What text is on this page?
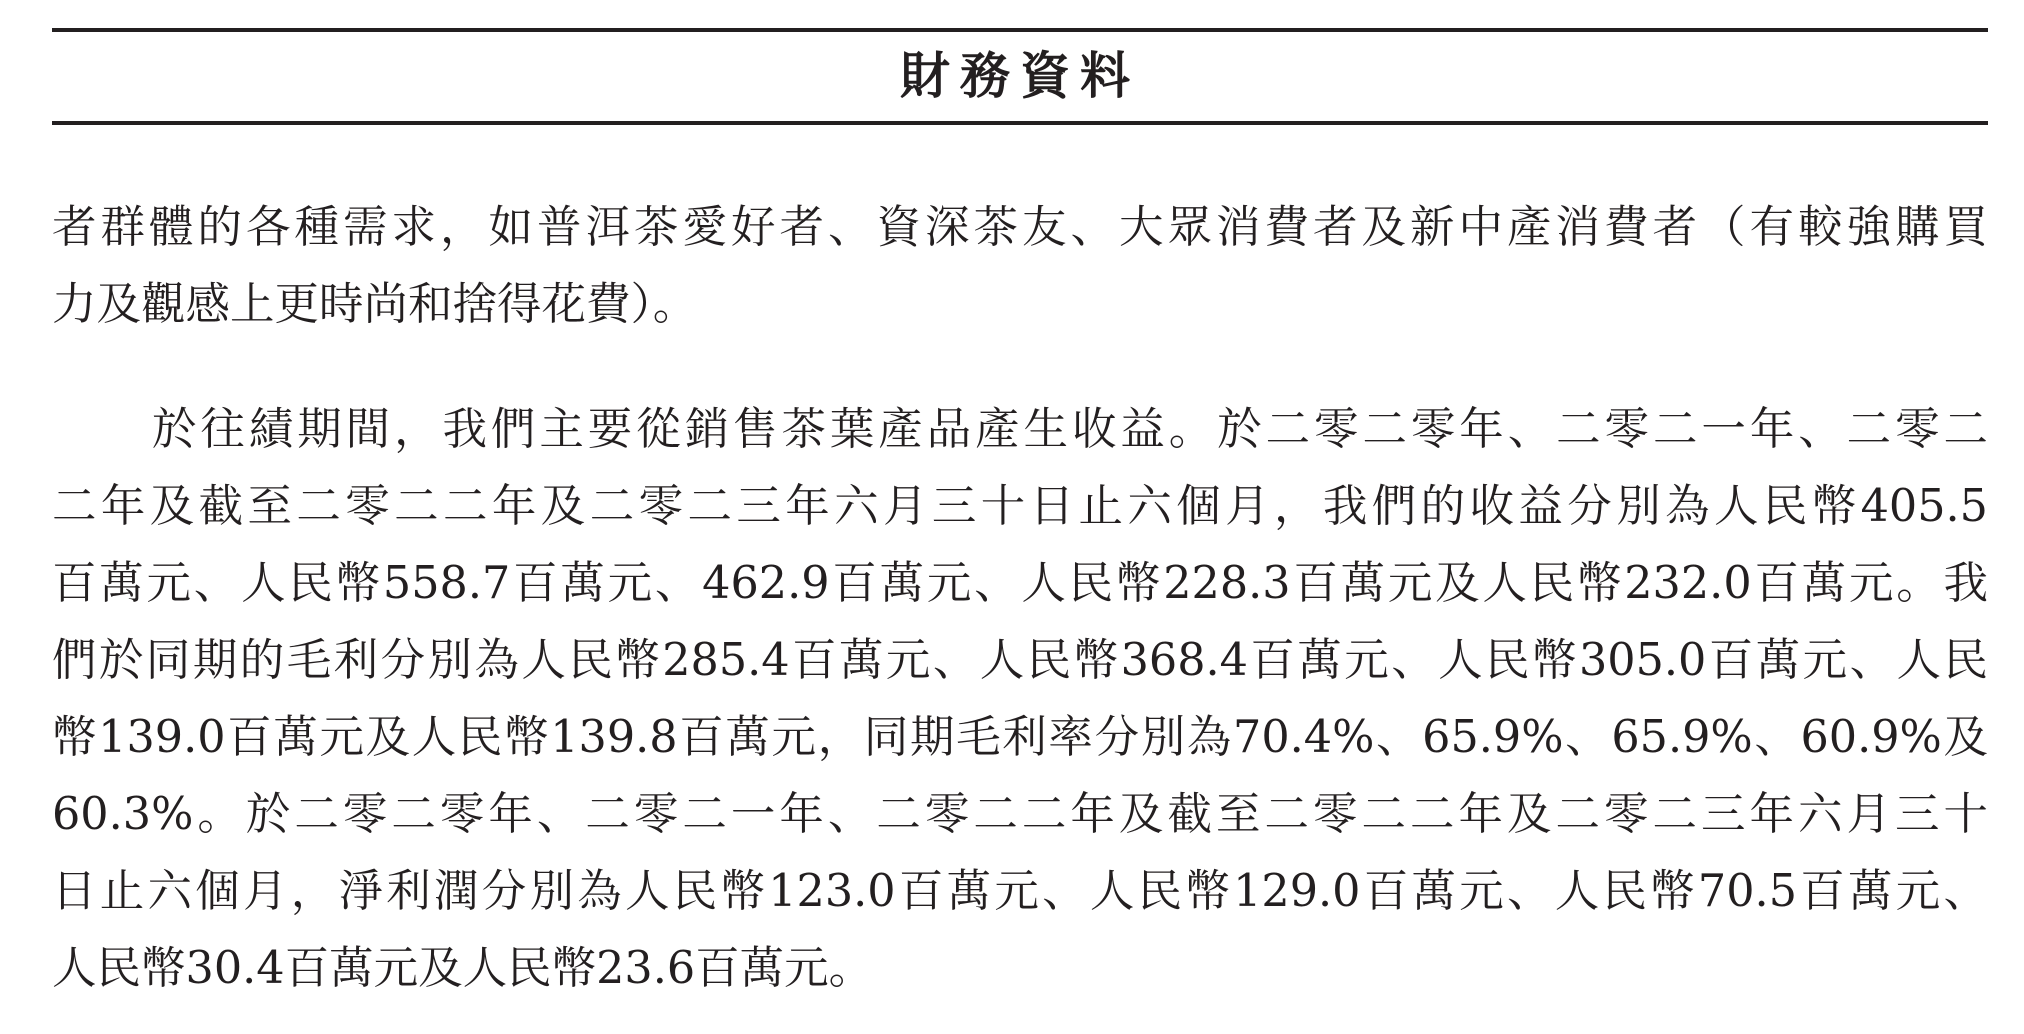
財務資料
者群體的各種需求，如普洱茶愛好者、資深茶友、大眾消費者及新中產消費者（有較強購買
力及觀感上更時尚和捨得花費）。
於往績期間，我們主要從銷售茶葉產品產生收益。於二零二零年、二零二一年、二零二
二年及截至二零二二年及二零二三年六月三十日止六個月，我們的收益分別為人民幣405.5
百萬元、人民幣558.7百萬元、462.9百萬元、人民幣228.3百萬元及人民幣232.0百萬元。我
們於同期的毛利分別為人民幣285.4百萬元、人民幣368.4百萬元、人民幣305.0百萬元、人民
幣139.0百萬元及人民幣139.8百萬元，同期毛利率分別為70.4%、65.9%、65.9%、60.9%及
60.3%。於二零二零年、二零二一年、二零二二年及截至二零二二年及二零二三年六月三十
日止六個月，淨利潤分別為人民幣123.0百萬元、人民幣129.0百萬元、人民幣70.5百萬元、
人民幣30.4百萬元及人民幣23.6百萬元。
